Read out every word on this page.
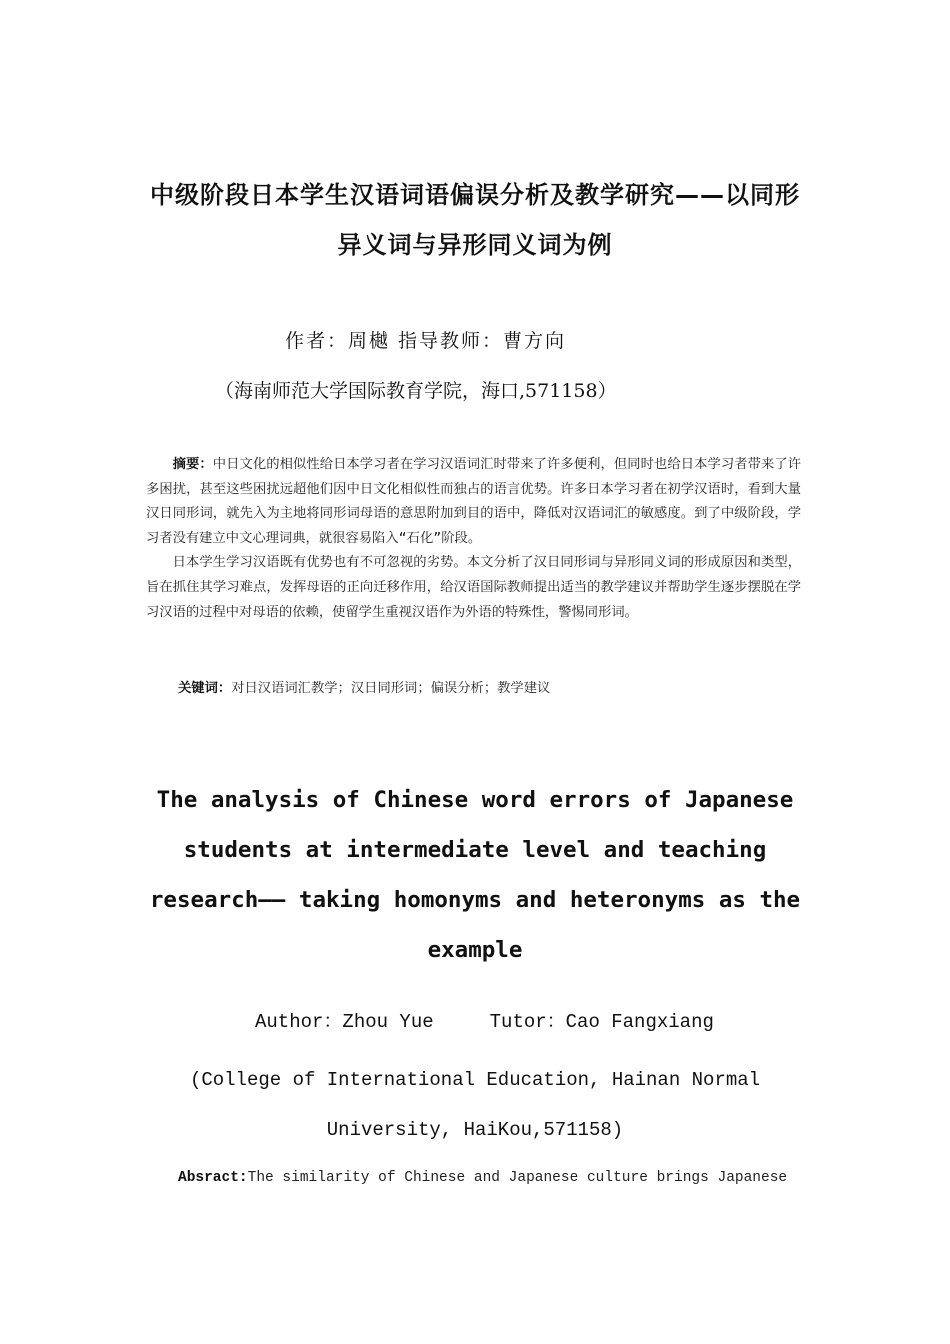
中级阶段日本学生汉语词语偏误分析及教学研究——以同形异义词与异形同义词为例
作者：周樾 指导教师：曹方向
（海南师范大学国际教育学院，海口,571158）

摘要：中日文化的相似性给日本学习者在学习汉语词汇时带来了许多便利，但同时也给日本学习者带来了许多困扰，甚至这些困扰远超他们因中日文化相似性而独占的语言优势。许多日本学习者在初学汉语时，看到大量汉日同形词，就先入为主地将同形词母语的意思附加到目的语中，降低对汉语词汇的敏感度。到了中级阶段，学习者没有建立中文心理词典，就很容易陷入“石化”阶段。

日本学生学习汉语既有优势也有不可忽视的劣势。本文分析了汉日同形词与异形同义词的形成原因和类型，旨在抓住其学习难点，发挥母语的正向迁移作用，给汉语国际教师提出适当的教学建议并帮助学生逐步摆脱在学习汉语的过程中对母语的依赖，使留学生重视汉语作为外语的特殊性，警惕同形词。

关键词：对日汉语词汇教学；汉日同形词；偏误分析；教学建议
The analysis of Chinese word errors of Japanese students at intermediate level and teaching research—— taking homonyms and heteronyms as the example
Author：Zhou Yue	Tutor：Cao Fangxiang
(College of International Education, Hainan Normal University, HaiKou,571158)
Absract:The similarity of Chinese and Japanese culture brings Japanese
